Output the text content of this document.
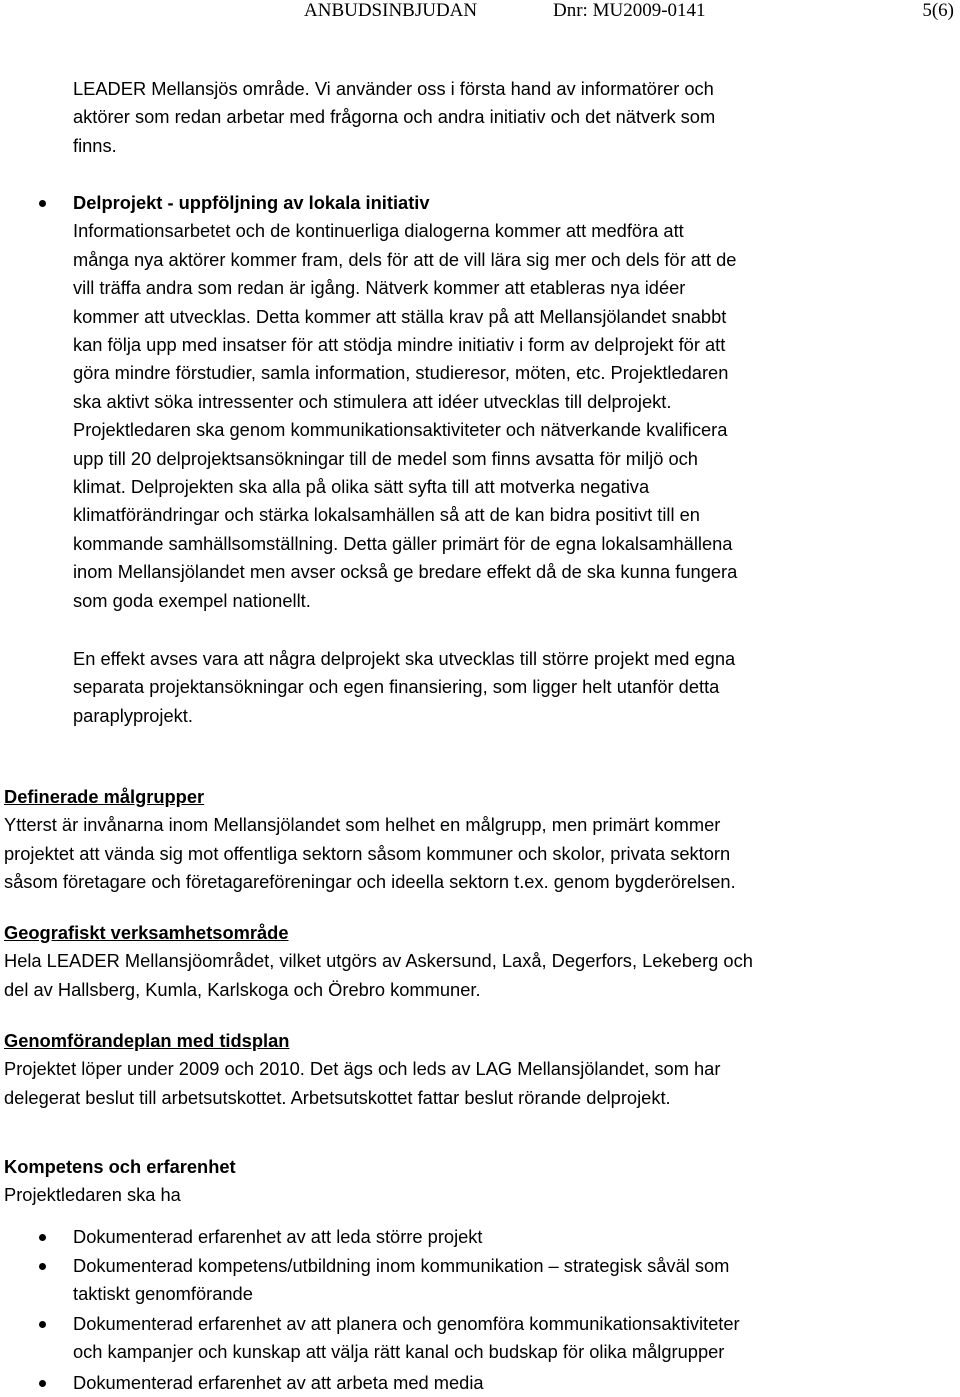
ANBUDSINBJUDAN	Dnr: MU2009-0141	5(6)
LEADER Mellansjös område. Vi använder oss i första hand av informatörer och
aktörer som redan arbetar med frågorna och andra initiativ och det nätverk som
finns.
Delprojekt - uppföljning av lokala initiativ
Informationsarbetet och de kontinuerliga dialogerna kommer att medföra att
många nya aktörer kommer fram, dels för att de vill lära sig mer och dels för att de
vill träffa andra som redan är igång. Nätverk kommer att etableras nya idéer
kommer att utvecklas. Detta kommer att ställa krav på att Mellansjölandet snabbt
kan följa upp med insatser för att stödja mindre initiativ i form av delprojekt för att
göra mindre förstudier, samla information, studieresor, möten, etc. Projektledaren
ska aktivt söka intressenter och stimulera att idéer utvecklas till delprojekt.
Projektledaren ska genom kommunikationsaktiviteter och nätverkande kvalificera
upp till 20 delprojektsansökningar till de medel som finns avsatta för miljö och
klimat. Delprojekten ska alla på olika sätt syfta till att motverka negativa
klimatförändringar och stärka lokalsamhällen så att de kan bidra positivt till en
kommande samhällsomställning. Detta gäller primärt för de egna lokalsamhällena
inom Mellansjölandet men avser också ge bredare effekt då de ska kunna fungera
som goda exempel nationellt.
En effekt avses vara att några delprojekt ska utvecklas till större projekt med egna
separata projektansökningar och egen finansiering, som ligger helt utanför detta
paraplyprojekt.
Definerade målgrupper
Ytterst är invånarna inom Mellansjölandet som helhet en målgrupp, men primärt kommer
projektet att vända sig mot offentliga sektorn såsom kommuner och skolor, privata sektorn
såsom företagare och företagareföreningar och ideella sektorn t.ex. genom bygderörelsen.
Geografiskt verksamhetsområde
Hela LEADER Mellansjöområdet, vilket utgörs av Askersund, Laxå, Degerfors, Lekeberg och
del av Hallsberg, Kumla, Karlskoga och Örebro kommuner.
Genomförandeplan med tidsplan
Projektet löper under 2009 och 2010. Det ägs och leds av LAG Mellansjölandet, som har
delegerat beslut till arbetsutskottet. Arbetsutskottet fattar beslut rörande delprojekt.
Kompetens och erfarenhet
Projektledaren ska ha
Dokumenterad erfarenhet av att leda större projekt
Dokumenterad kompetens/utbildning inom kommunikation – strategisk såväl som
taktiskt genomförande
Dokumenterad erfarenhet av att planera och genomföra kommunikationsaktiviteter
och kampanjer och kunskap att välja rätt kanal och budskap för olika målgrupper
Dokumenterad erfarenhet av att arbeta med media
